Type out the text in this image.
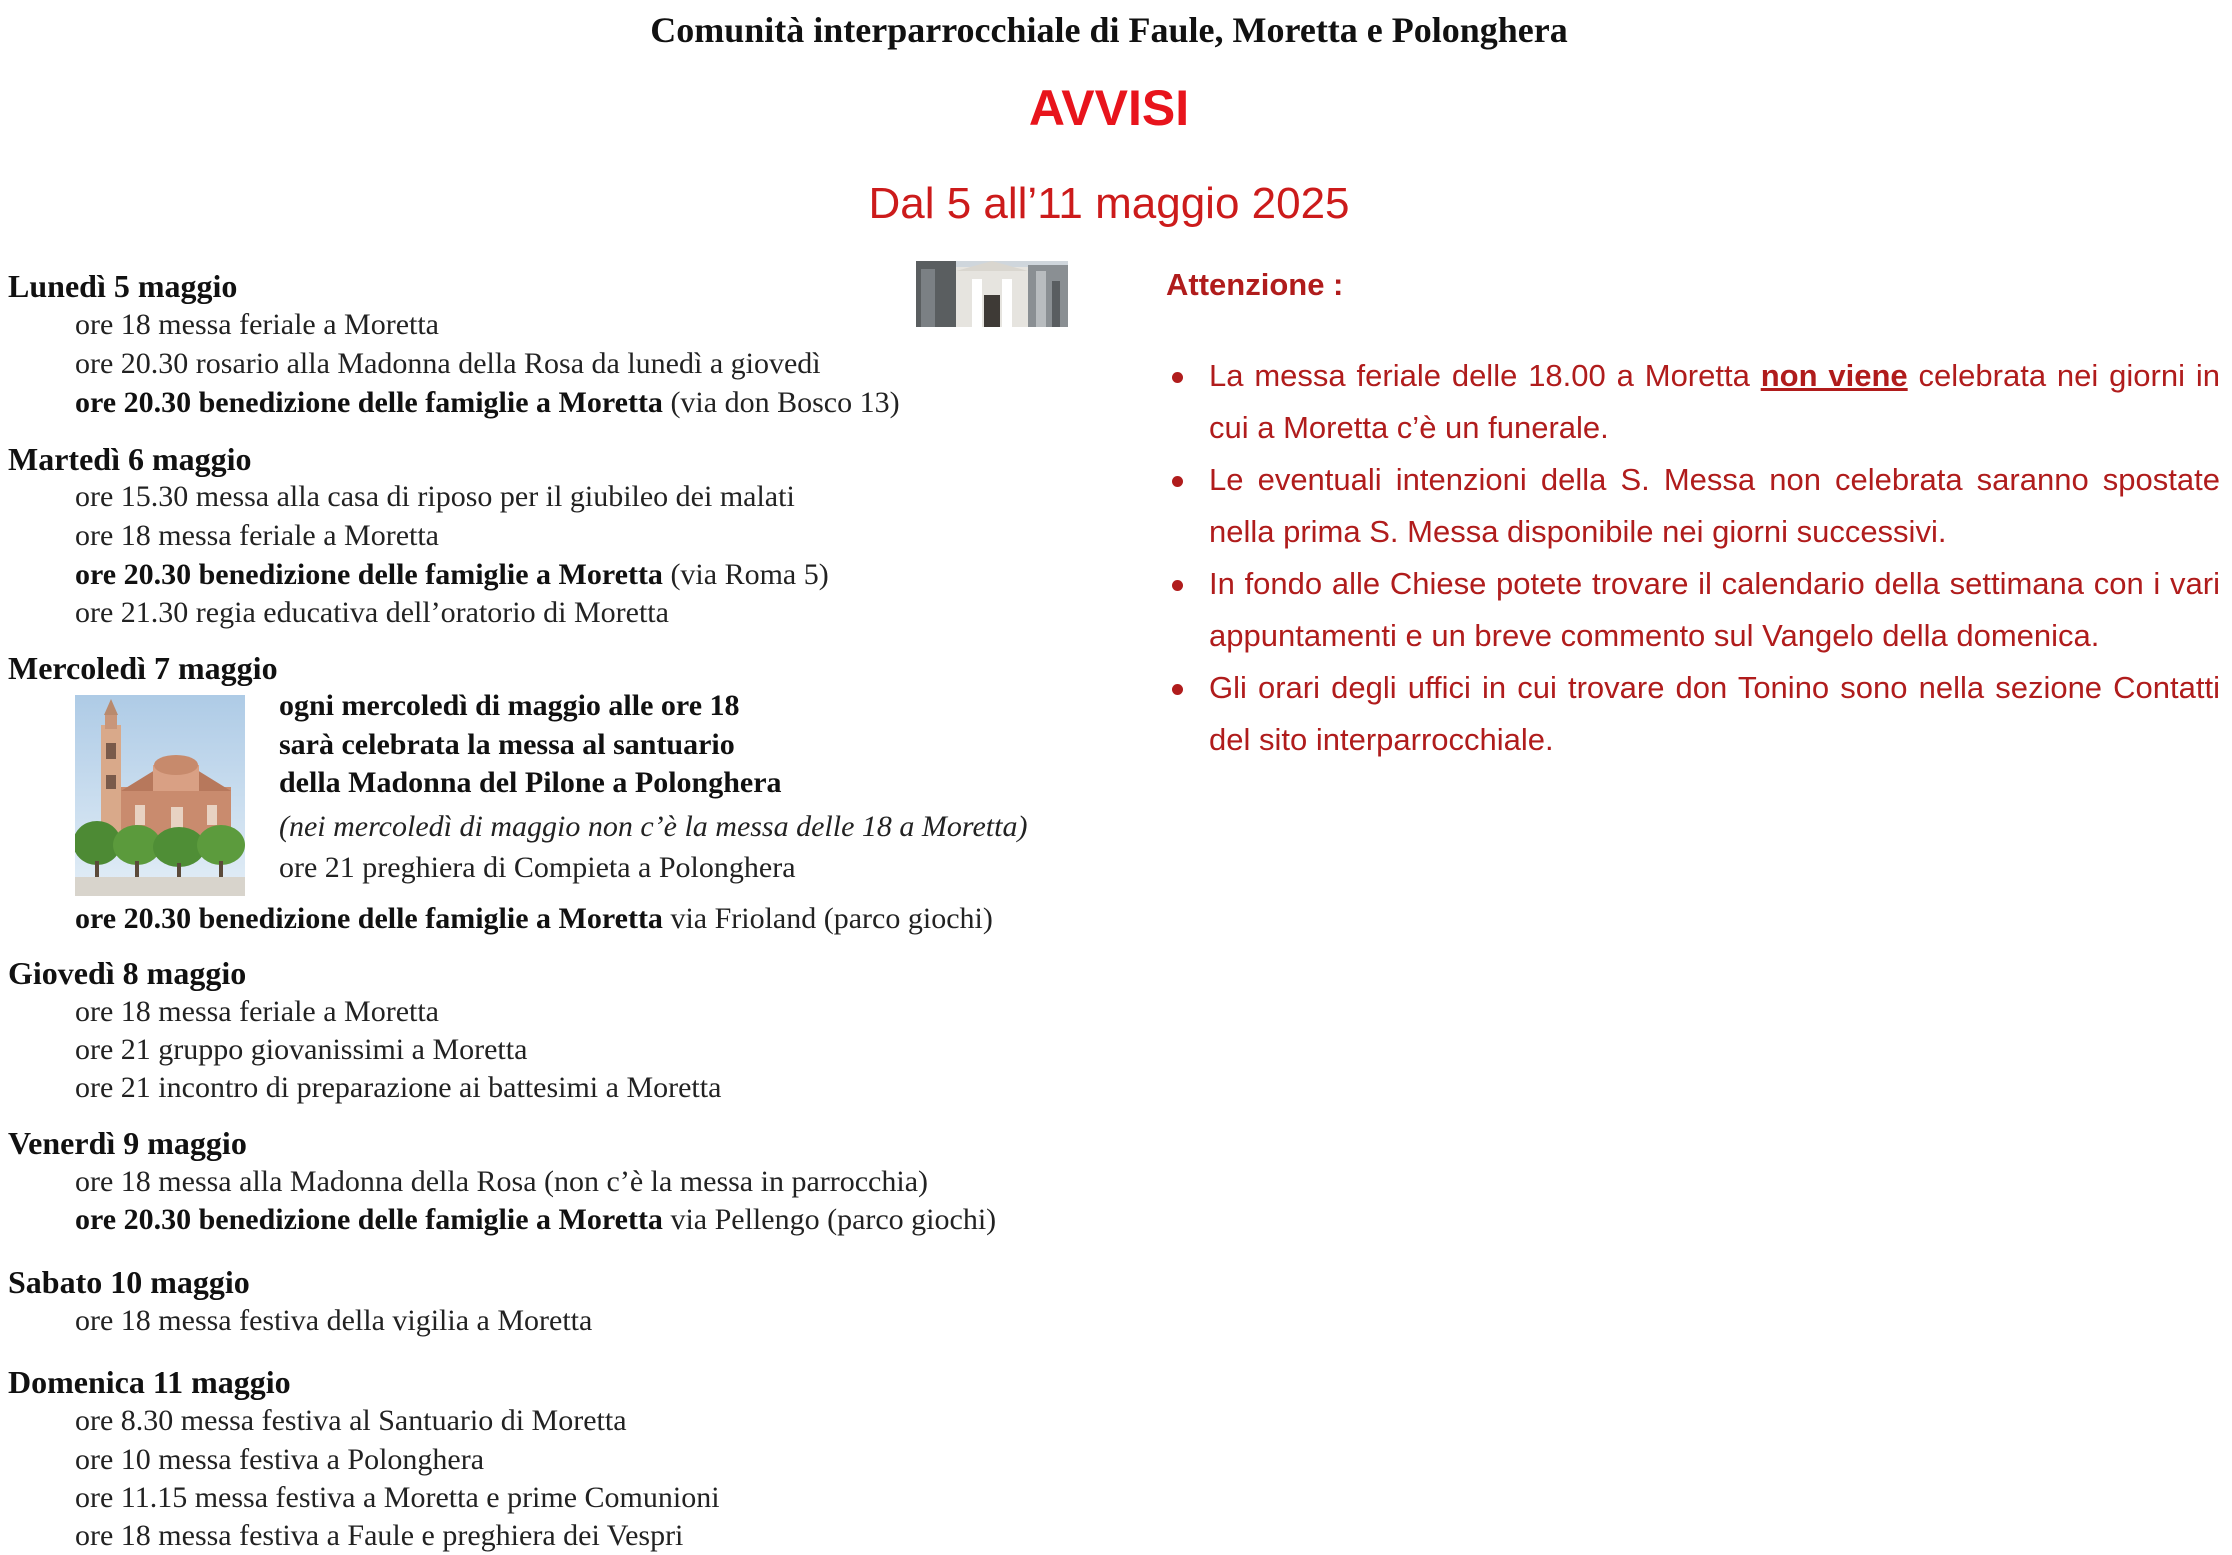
Comunità interparrocchiale di Faule, Moretta e Polonghera
AVVISI
Dal 5 all’11 maggio 2025
Lunedì 5 maggio
ore 18 messa feriale a Moretta
ore 20.30 rosario alla Madonna della Rosa da lunedì a giovedì
ore 20.30 benedizione delle famiglie a Moretta (via don Bosco 13)
Martedì 6 maggio
ore 15.30 messa alla casa di riposo per il giubileo dei malati
ore 18 messa feriale a Moretta
ore 20.30 benedizione delle famiglie a Moretta (via Roma 5)
ore 21.30 regia educativa dell’oratorio di Moretta
Mercoledì 7 maggio
ogni mercoledì di maggio alle ore 18
sarà celebrata la messa al santuario
della Madonna del Pilone a Polonghera
(nei mercoledì di maggio non c’è la messa delle 18 a Moretta)
ore 21 preghiera di Compieta a Polonghera
ore 20.30 benedizione delle famiglie a Moretta via Frioland (parco giochi)
Giovedì 8 maggio
ore 18 messa feriale a Moretta
ore 21 gruppo giovanissimi a Moretta
ore 21 incontro di preparazione ai battesimi a Moretta
Venerdì 9 maggio
ore 18 messa alla Madonna della Rosa (non c’è la messa in parrocchia)
ore 20.30 benedizione delle famiglie a Moretta via Pellengo (parco giochi)
Sabato 10 maggio
ore 18 messa festiva della vigilia a Moretta
Domenica 11 maggio
ore 8.30 messa festiva al Santuario di Moretta
ore 10 messa festiva a Polonghera
ore 11.15 messa festiva a Moretta e prime Comunioni
ore 18 messa festiva a Faule e preghiera dei Vespri
Attenzione :
La messa feriale delle 18.00 a Moretta non viene celebrata nei giorni in cui a Moretta c’è un funerale.
Le eventuali intenzioni della S. Messa non celebrata saranno spostate nella prima S. Messa disponibile nei giorni successivi.
In fondo alle Chiese potete trovare il calendario della settimana con i vari appuntamenti e un breve commento sul Vangelo della domenica.
Gli orari degli uffici in cui trovare don Tonino sono nella sezione Contatti del sito interparrocchiale.
